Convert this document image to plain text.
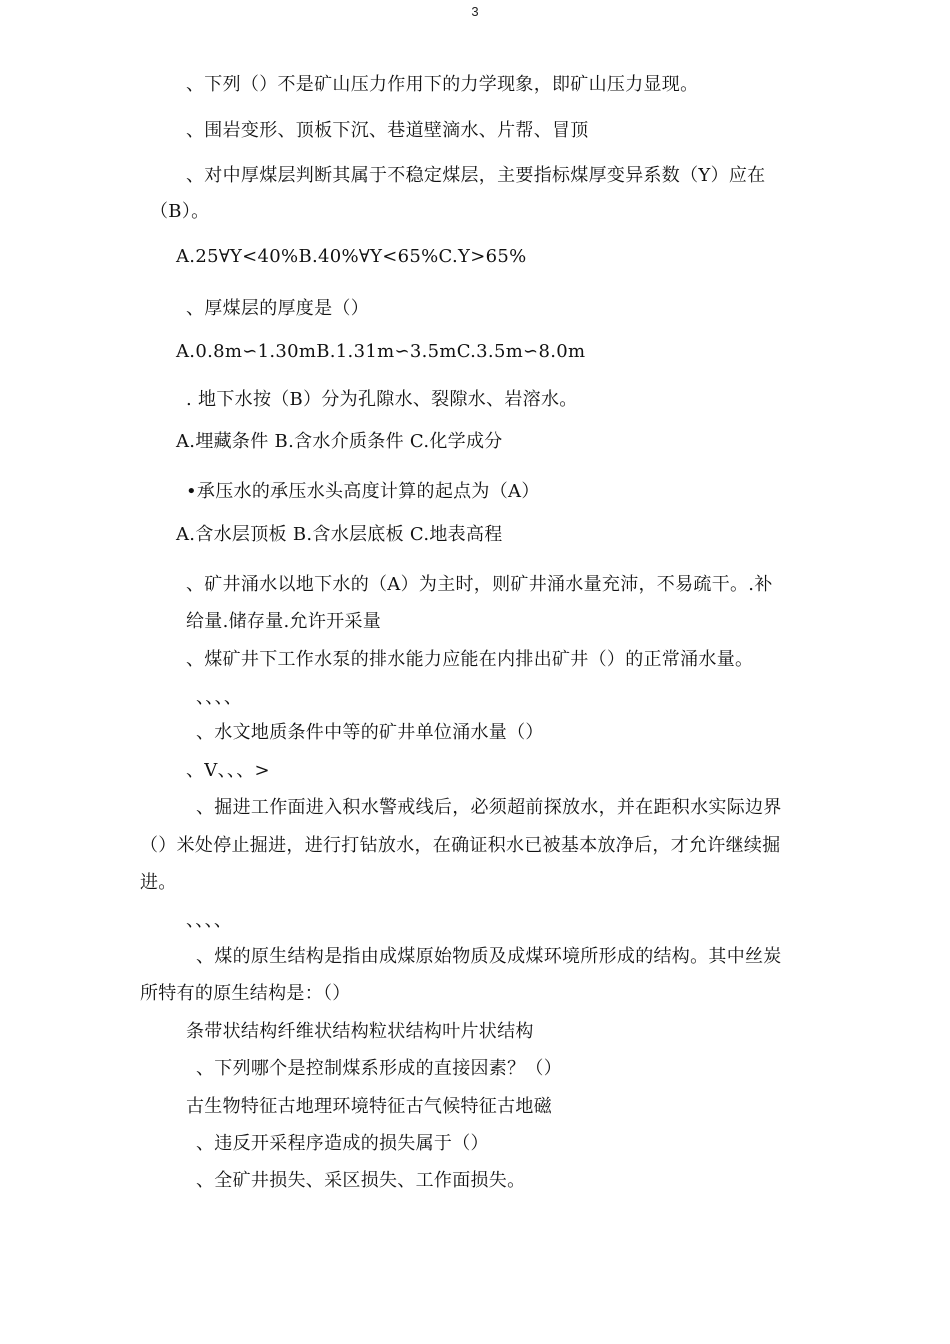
3
、下列（）不是矿山压力作用下的力学现象，即矿山压力显现。
、围岩变形、顶板下沉、巷道壁滴水、片帮、冒顶
、对中厚煤层判断其属于不稳定煤层，主要指标煤厚变异系数（Y）应在
（B）。
A.25∀Y<40%B.40%∀Y<65%C.Y>65%
、厚煤层的厚度是（）
A.0.8m∽1.30mB.1.31m∽3.5mC.3.5m∽8.0m
. 地下水按（B）分为孔隙水、裂隙水、岩溶水。
A.埋藏条件 B.含水介质条件 C.化学成分
•承压水的承压水头高度计算的起点为（A）
A.含水层顶板 B.含水层底板 C.地表高程
、矿井涌水以地下水的（A）为主时，则矿井涌水量充沛，不易疏干。.补
给量.储存量.允许开采量
、煤矿井下工作水泵的排水能力应能在内排出矿井（）的正常涌水量。
、、、、
、水文地质条件中等的矿井单位涌水量（）
、V、、、>
、掘进工作面进入积水警戒线后，必须超前探放水，并在距积水实际边界
（）米处停止掘进，进行打钻放水，在确证积水已被基本放净后，才允许继续掘
进。
、、、、
、煤的原生结构是指由成煤原始物质及成煤环境所形成的结构。其中丝炭
所特有的原生结构是：（）
条带状结构纤维状结构粒状结构叶片状结构
、下列哪个是控制煤系形成的直接因素？（）
古生物特征古地理环境特征古气候特征古地磁
、违反开采程序造成的损失属于（）
、全矿井损失、采区损失、工作面损失。
